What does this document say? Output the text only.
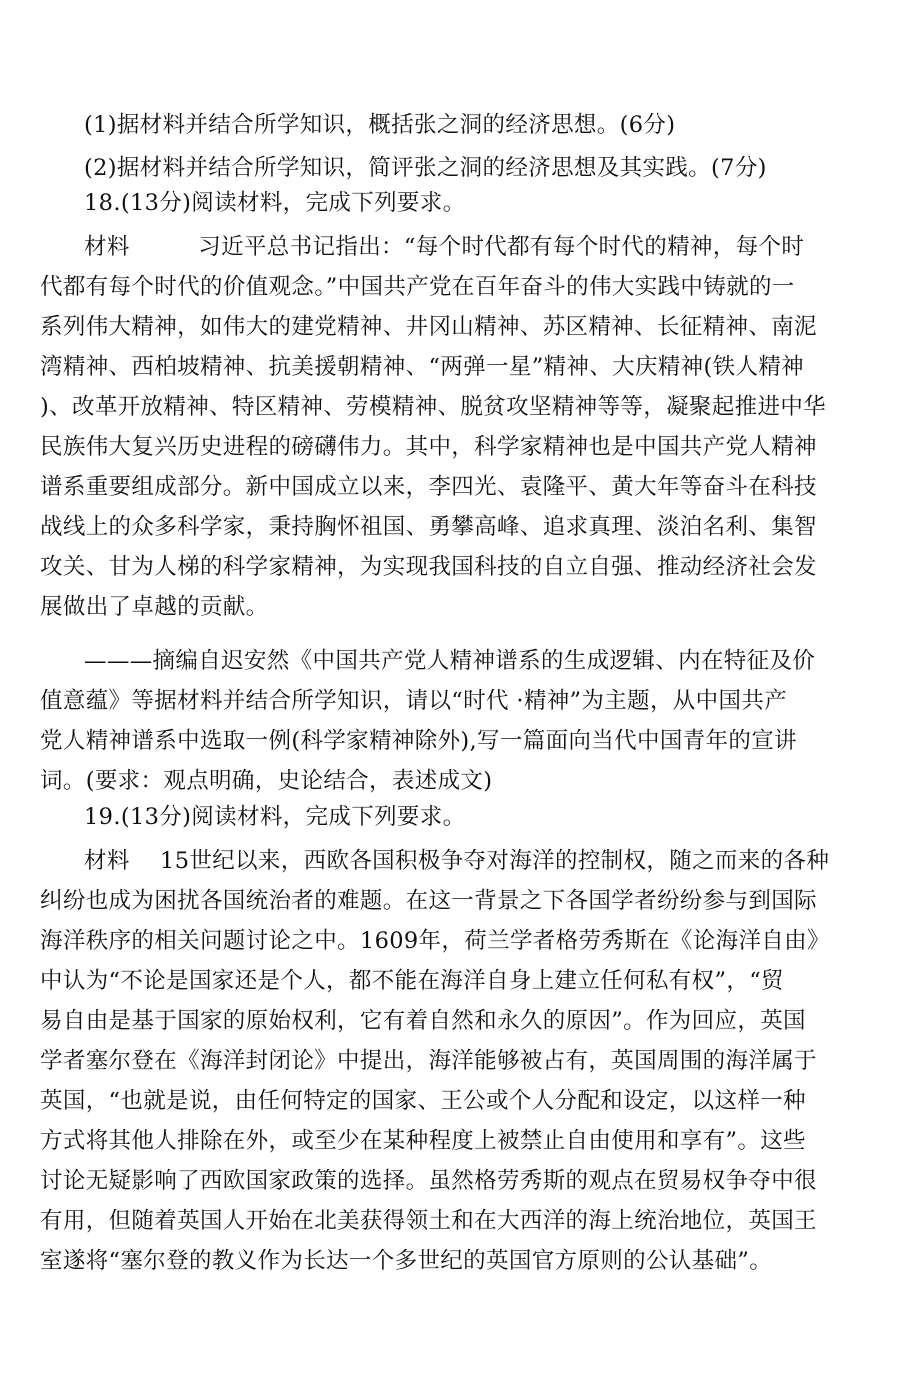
(1)据材料并结合所学知识，概括张之洞的经济思想。(6分)
(2)据材料并结合所学知识，简评张之洞的经济思想及其实践。(7分)
18.(13分)阅读材料，完成下列要求。
材料　　　习近平总书记指出：“每个时代都有每个时代的精神，每个时
代都有每个时代的价值观念。”中国共产党在百年奋斗的伟大实践中铸就的一
系列伟大精神，如伟大的建党精神、井冈山精神、苏区精神、长征精神、南泥
湾精神、西柏坡精神、抗美援朝精神、“两弹一星”精神、大庆精神(铁人精神
)、改革开放精神、特区精神、劳模精神、脱贫攻坚精神等等，凝聚起推进中华
民族伟大复兴历史进程的磅礴伟力。其中，科学家精神也是中国共产党人精神
谱系重要组成部分。新中国成立以来，李四光、袁隆平、黄大年等奋斗在科技
战线上的众多科学家，秉持胸怀祖国、勇攀高峰、追求真理、淡泊名利、集智
攻关、甘为人梯的科学家精神，为实现我国科技的自立自强、推动经济社会发
展做出了卓越的贡献。
———摘编自迟安然《中国共产党人精神谱系的生成逻辑、内在特征及价
值意蕴》等据材料并结合所学知识，请以“时代 ·精神”为主题，从中国共产
党人精神谱系中选取一例(科学家精神除外),写一篇面向当代中国青年的宣讲
词。(要求：观点明确，史论结合，表述成文)
19.(13分)阅读材料，完成下列要求。
材料　 15世纪以来，西欧各国积极争夺对海洋的控制权，随之而来的各种
纠纷也成为困扰各国统治者的难题。在这一背景之下各国学者纷纷参与到国际
海洋秩序的相关问题讨论之中。1609年，荷兰学者格劳秀斯在《论海洋自由》
中认为“不论是国家还是个人，都不能在海洋自身上建立任何私有权”，“贸
易自由是基于国家的原始权利，它有着自然和永久的原因”。作为回应，英国
学者塞尔登在《海洋封闭论》中提出，海洋能够被占有，英国周围的海洋属于
英国，“也就是说，由任何特定的国家、王公或个人分配和设定，以这样一种
方式将其他人排除在外，或至少在某种程度上被禁止自由使用和享有”。这些
讨论无疑影响了西欧国家政策的选择。虽然格劳秀斯的观点在贸易权争夺中很
有用，但随着英国人开始在北美获得领土和在大西洋的海上统治地位，英国王
室遂将“塞尔登的教义作为长达一个多世纪的英国官方原则的公认基础”。
